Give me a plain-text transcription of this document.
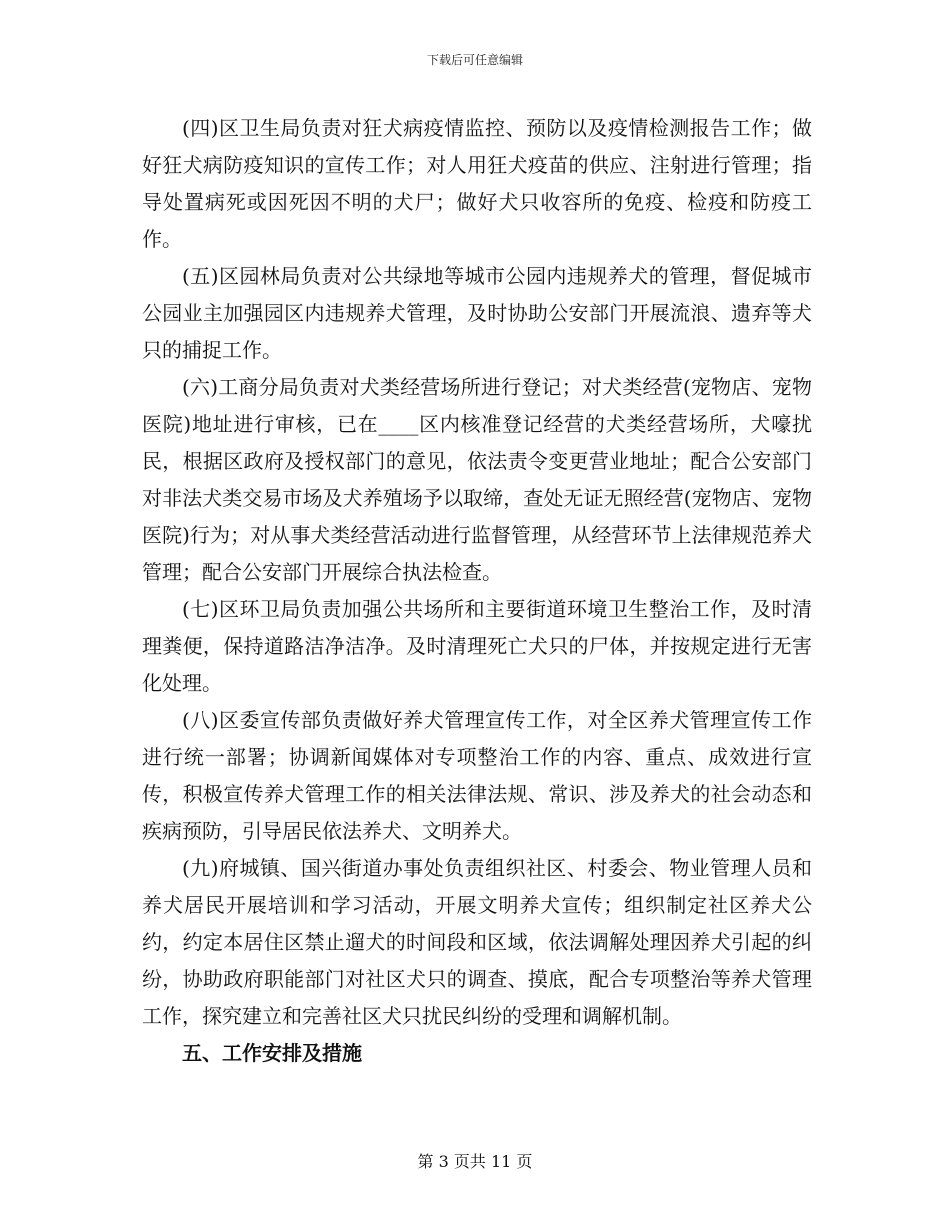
下载后可任意编辑

(四)区卫生局负责对狂犬病疫情监控、预防以及疫情检测报告工作；做好狂犬病防疫知识的宣传工作；对人用狂犬疫苗的供应、注射进行管理；指导处置病死或因死因不明的犬尸；做好犬只收容所的免疫、检疫和防疫工作。

(五)区园林局负责对公共绿地等城市公园内违规养犬的管理，督促城市公园业主加强园区内违规养犬管理，及时协助公安部门开展流浪、遗弃等犬只的捕捉工作。

(六)工商分局负责对犬类经营场所进行登记；对犬类经营(宠物店、宠物医院)地址进行审核，已在____区内核准登记经营的犬类经营场所，犬嚎扰民，根据区政府及授权部门的意见，依法责令变更营业地址；配合公安部门对非法犬类交易市场及犬养殖场予以取缔，查处无证无照经营(宠物店、宠物医院)行为；对从事犬类经营活动进行监督管理，从经营环节上法律规范养犬管理；配合公安部门开展综合执法检查。

(七)区环卫局负责加强公共场所和主要街道环境卫生整治工作，及时清理粪便，保持道路洁净洁净。及时清理死亡犬只的尸体，并按规定进行无害化处理。

(八)区委宣传部负责做好养犬管理宣传工作，对全区养犬管理宣传工作进行统一部署；协调新闻媒体对专项整治工作的内容、重点、成效进行宣传，积极宣传养犬管理工作的相关法律法规、常识、涉及养犬的社会动态和疾病预防，引导居民依法养犬、文明养犬。

(九)府城镇、国兴街道办事处负责组织社区、村委会、物业管理人员和养犬居民开展培训和学习活动，开展文明养犬宣传；组织制定社区养犬公约，约定本居住区禁止遛犬的时间段和区域，依法调解处理因养犬引起的纠纷，协助政府职能部门对社区犬只的调查、摸底，配合专项整治等养犬管理工作，探究建立和完善社区犬只扰民纠纷的受理和调解机制。

五、工作安排及措施

第 3 页共 11 页
